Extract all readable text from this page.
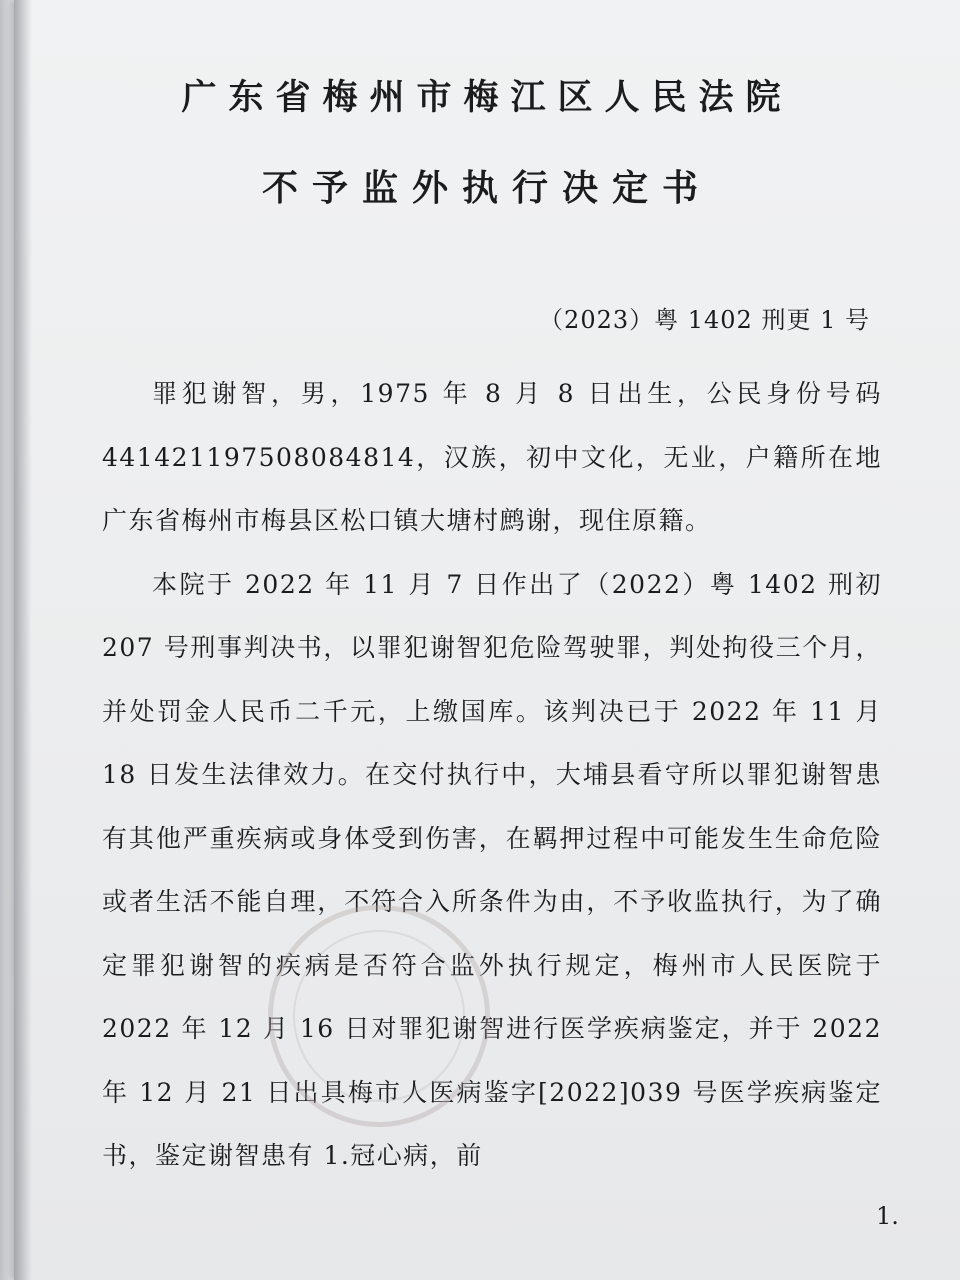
广东省梅州市梅江区人民法院
不予监外执行决定书
（2023）粤 1402 刑更 1 号

罪犯谢智，男，1975 年 8 月 8 日出生，公民身份号码 441421197508084814，汉族，初中文化，无业，户籍所在地广东省梅州市梅县区松口镇大塘村鹧谢，现住原籍。

本院于 2022 年 11 月 7 日作出了（2022）粤 1402 刑初 207 号刑事判决书，以罪犯谢智犯危险驾驶罪，判处拘役三个月，并处罚金人民币二千元，上缴国库。该判决已于 2022 年 11 月 18 日发生法律效力。在交付执行中，大埔县看守所以罪犯谢智患有其他严重疾病或身体受到伤害，在羁押过程中可能发生生命危险或者生活不能自理，不符合入所条件为由，不予收监执行，为了确定罪犯谢智的疾病是否符合监外执行规定，梅州市人民医院于 2022 年 12 月 16 日对罪犯谢智进行医学疾病鉴定，并于 2022 年 12 月 21 日出具梅市人医病鉴字[2022]039 号医学疾病鉴定书，鉴定谢智患有 1.冠心病，前

1.
